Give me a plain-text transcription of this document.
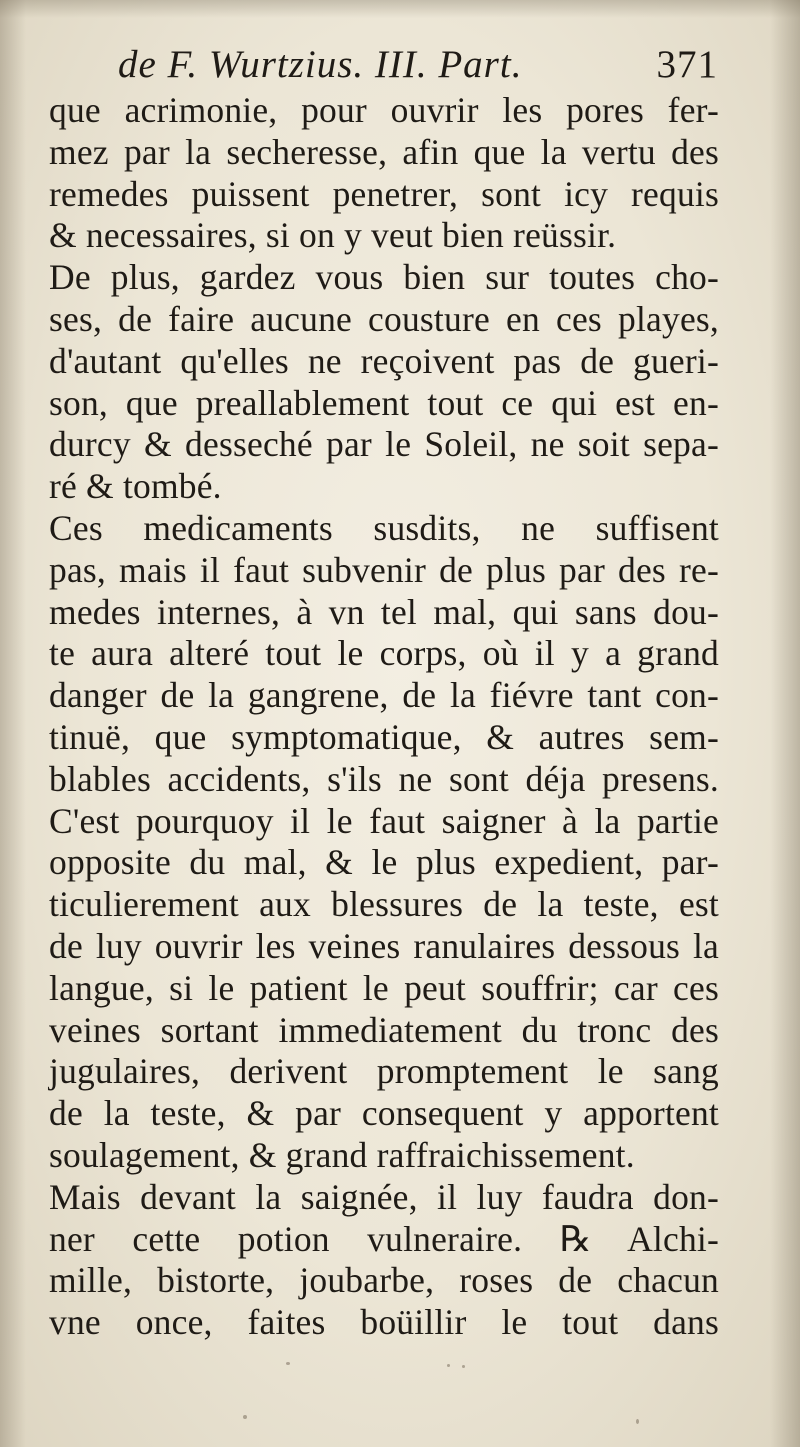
de F. Wurtzius. III. Part.	371
que acrimonie, pour ouvrir les pores fer-
mez par la secheresse, afin que la vertu des
remedes puissent penetrer, sont icy requis
& necessaires, si on y veut bien reüssir.
De plus, gardez vous bien sur toutes cho-
ses, de faire aucune cousture en ces playes,
d'autant qu'elles ne reçoivent pas de gueri-
son, que preallablement tout ce qui est en-
durcy & desseché par le Soleil, ne soit sepa-
ré & tombé.
Ces medicaments susdits, ne suffisent
pas, mais il faut subvenir de plus par des re-
medes internes, à vn tel mal, qui sans dou-
te aura alteré tout le corps, où il y a grand
danger de la gangrene, de la fiévre tant con-
tinuë, que symptomatique, & autres sem-
blables accidents, s'ils ne sont déja presens.
C'est pourquoy il le faut saigner à la partie
opposite du mal, & le plus expedient, par-
ticulierement aux blessures de la teste, est
de luy ouvrir les veines ranulaires dessous la
langue, si le patient le peut souffrir; car ces
veines sortant immediatement du tronc des
jugulaires, derivent promptement le sang
de la teste, & par consequent y apportent
soulagement, & grand raffraichissement.
Mais devant la saignée, il luy faudra don-
ner cette potion vulneraire. ℞ Alchi-
mille, bistorte, joubarbe, roses de chacun
vne once, faites boüillir le tout dans
